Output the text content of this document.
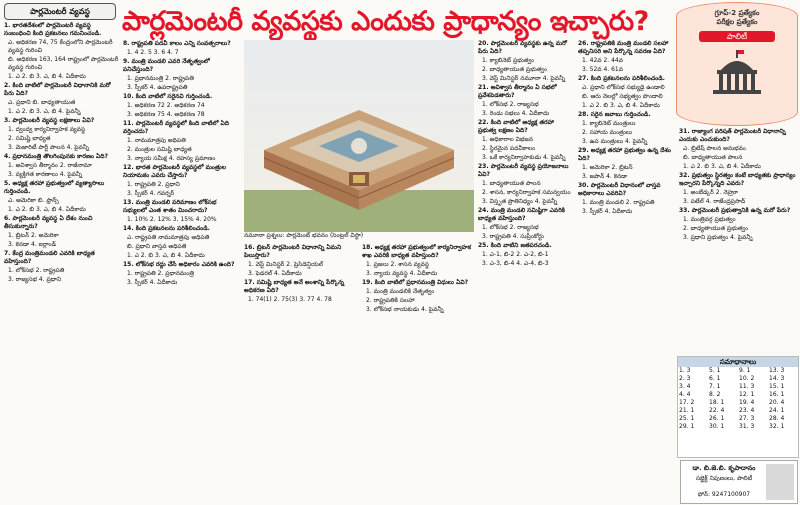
పార్లమెంటరీ వ్యవస్థ	పార్లమెంటరీ వ్యవస్థకు ఎందుకు ప్రాధాన్యం ఇచ్చారు?	గ్రూప్-2 ప్రత్యేకం
పరీక్షల ప్రత్యేకం
పాలిటీ

1. భారతదేశంలో పార్లమెంటరీ వ్యవస్థ సంబంధించి కింది ప్రకటనలు గమనించండి.

ఎ. అధికరణ 74, 75 కేంద్రంలోని పార్లమెంటరీ వ్యవస్థ గురించి

బి. అధికరణ 163, 164 రాష్ట్రంలో పార్లమెంటరీ వ్యవస్థ గురించి

1. ఎ 2. బి 3. ఎ, బి 4. ఏదీకాదు

2. కింది వాటిలో పార్లమెంటరీ విధానానికి మరో పేరు ఏది?

ఎ. ప్రధాని బి. బాధ్యతాయుత

1. ఎ 2. బి 3. ఎ, బి 4. పైవన్నీ

3. పార్లమెంటరీ వ్యవస్థ లక్షణాలు ఏవి?

1. ద్వంద్వ కార్యనిర్వాహక వ్యవస్థ

2. సమిష్టి బాధ్యత

3. మెజారిటీ పార్టీ పాలన 4. పైవన్నీ

4. ప్రధానమంత్రి తొలగింపునకు కారణం ఏది?

1. అవిశ్వాస తీర్మానం 2. రాజీనామా

3. వ్యక్తిగత కారణాలు 4. పైవన్నీ

5. అధ్యక్ష తరహా ప్రభుత్వంలో వ్యత్యాసాలు గుర్తించండి.

ఎ. అమెరికా బి. ఫ్రాన్స్

1. ఎ 2. బి 3. ఎ, బి 4. ఏదీకాదు

6. పార్లమెంటరీ వ్యవస్థ ఏ దేశం నుంచి తీసుకున్నారు?

1. బ్రిటన్ 2. అమెరికా

3. కెనడా 4. ఐర్లాండ్

7. కేంద్ర మంత్రిమండలి ఎవరికి బాధ్యత వహిస్తుంది?

1. లోక్‌సభ 2. రాష్ట్రపతి

3. రాజ్యసభ 4. ప్రధాని

8. రాష్ట్రపతి పదవీ కాలం ఎన్ని సంవత్సరాలు?

1. 4 2. 5 3. 6 4. 7

9. మంత్రి మండలి ఎవరి నేతృత్వంలో పనిచేస్తుంది?

1. ప్రధానమంత్రి 2. రాష్ట్రపతి

3. స్పీకర్ 4. ఉపరాష్ట్రపతి

10. కింది వాటిలో సరైనవి గుర్తించండి.

1. అధికరణ 72 2. అధికరణ 74

3. అధికరణ 75 4. అధికరణ 78

11. పార్లమెంటరీ వ్యవస్థలో కింది వాటిలో ఏది వర్తించదు?

1. నామమాత్రపు అధిపతి

2. మంత్రుల సమిష్టి బాధ్యత

3. న్యాయ సమీక్ష 4. రహస్య ప్రమాణం

12. భారత పార్లమెంటరీ వ్యవస్థలో మంత్రుల నియామకం ఎవరు చేస్తారు?

1. రాష్ట్రపతి 2. ప్రధాని

3. స్పీకర్ 4. గవర్నర్

13. మంత్రి మండలి పరిమాణం లోక్‌సభ సభ్యులలో ఎంత శాతం మించరాదు?

1. 10% 2. 12% 3. 15% 4. 20%

14. కింది ప్రకటనలను పరిశీలించండి.

ఎ. రాష్ట్రపతి నామమాత్రపు అధిపతి

బి. ప్రధాని వాస్తవ అధిపతి

1. ఎ 2. బి 3. ఎ, బి 4. ఏదీకాదు

15. లోక్‌సభ రద్దు చేసే అధికారం ఎవరికి ఉంది?

1. రాష్ట్రపతి 2. ప్రధానమంత్రి

3. స్పీకర్ 4. ఏదీకాదు

16. బ్రిటన్ పార్లమెంటరీ విధానాన్ని ఏమని పిలుస్తారు?

1. వెస్ట్ మినిస్టర్ 2. ప్రెసిడెన్షియల్

3. ఫెడరల్ 4. ఏదీకాదు

17. సమిష్టి బాధ్యత అనే అంశాన్ని పేర్కొన్న అధికరణ ఏది?

1. 74(1) 2. 75(3) 3. 77 4. 78

18. అధ్యక్ష తరహా ప్రభుత్వంలో కార్యనిర్వాహక శాఖ ఎవరికి బాధ్యత వహిస్తుంది?

1. ప్రజలు 2. శాసన వ్యవస్థ

3. న్యాయ వ్యవస్థ 4. ఏదీకాదు

19. కింది వాటిలో ప్రధానమంత్రి విధులు ఏవి?

1. మంత్రి మండలికి నేతృత్వం

2. రాష్ట్రపతికి సలహా

3. లోక్‌సభ నాయకుడు 4. పైవన్నీ

20. పార్లమెంటరీ వ్యవస్థకు ఉన్న మరో పేరు ఏది?

1. క్యాబినెట్ ప్రభుత్వం

2. బాధ్యతాయుత ప్రభుత్వం

3. వెస్ట్ మినిస్టర్ నమూనా 4. పైవన్నీ

21. అవిశ్వాస తీర్మానం ఏ సభలో ప్రవేశపెడతారు?

1. లోక్‌సభ 2. రాజ్యసభ

3. రెండు సభలు 4. ఏదీకాదు

22. కింది వాటిలో అధ్యక్ష తరహా ప్రభుత్వ లక్షణం ఏది?

1. అధికారాల విభజన

2. స్థిరమైన పదవీకాలం

3. ఒకే కార్యనిర్వాహకుడు 4. పైవన్నీ

23. పార్లమెంటరీ వ్యవస్థ ప్రయోజనాలు ఏవి?

1. బాధ్యతాయుత పాలన

2. శాసన, కార్యనిర్వాహక సమన్వయం

3. విస్తృత ప్రాతినిధ్యం 4. పైవన్నీ

24. మంత్రి మండలి సమిష్టిగా ఎవరికి బాధ్యత వహిస్తుంది?

1. లోక్‌సభ 2. రాజ్యసభ

3. రాష్ట్రపతి 4. సుప్రీంకోర్టు

25. కింది వాటిని జతపరచండి.

1. ఎ-1, బి-2 2. ఎ-2, బి-1

3. ఎ-3, బి-4 4. ఎ-4, బి-3

26. రాష్ట్రపతికి మంత్రి మండలి సలహా తప్పనిసరి అని పేర్కొన్న సవరణ ఏది?

1. 42వ 2. 44వ

3. 52వ 4. 61వ

27. కింది ప్రకటనలను పరిశీలించండి.

ఎ. ప్రధాని లోక్‌సభ సభ్యుడై ఉండాలి

బి. ఆరు నెలల్లో సభ్యత్వం పొందాలి

1. ఎ 2. బి 3. ఎ, బి 4. ఏదీకాదు

28. సరైన జవాబు గుర్తించండి.

1. క్యాబినెట్ మంత్రులు

2. సహాయ మంత్రులు

3. ఉప మంత్రులు 4. పైవన్నీ

29. అధ్యక్ష తరహా ప్రభుత్వం ఉన్న దేశం ఏది?

1. అమెరికా 2. బ్రిటన్

3. జపాన్ 4. కెనడా

30. పార్లమెంటరీ విధానంలో వాస్తవ అధికారాలు ఎవరివి?

1. మంత్రి మండలి 2. రాష్ట్రపతి

3. స్పీకర్ 4. ఏదీకాదు

31. రాజ్యాంగ పరిషత్ పార్లమెంటరీ విధానాన్ని ఎందుకు ఎంచుకుంది?

ఎ. బ్రిటిష్ పాలన అనుభవం

బి. బాధ్యతాయుత పాలన

1. ఎ 2. బి 3. ఎ, బి 4. ఏదీకాదు

32. ప్రభుత్వం స్థిరత్వం కంటే బాధ్యతకు ప్రాధాన్యం ఇచ్చారని పేర్కొన్నది ఎవరు?

1. అంబేడ్కర్ 2. నెహ్రూ

3. పటేల్ 4. రాజేంద్రప్రసాద్

33. పార్లమెంటరీ ప్రభుత్వానికి ఉన్న మరో పేరు?

1. మంత్రివర్గ ప్రభుత్వం

2. బాధ్యతాయుత ప్రభుత్వం

3. ప్రధాని ప్రభుత్వం 4. పైవన్నీ

నమూనా ప్రశ్నలు: పార్లమెంట్ భవనం (సెంట్రల్ విస్టా)
సమాధానాలు
1. 3	5. 1	9. 1	13. 3
2. 3	6. 1	10. 2	14. 3
3. 4	7. 1	11. 3	15. 1
4. 4	8. 2	12. 1	16. 1
17. 2	18. 1	19. 4	20. 4
21. 1	22. 4	23. 4	24. 1
25. 1	26. 1	27. 3	28. 4
29. 1	30. 1	31. 3	32. 1
డా. బి.జె.బి. కృపాదానం
సబ్జెక్ట్ నిపుణులు, పాలిటీ
ఫోన్: 9247100907
